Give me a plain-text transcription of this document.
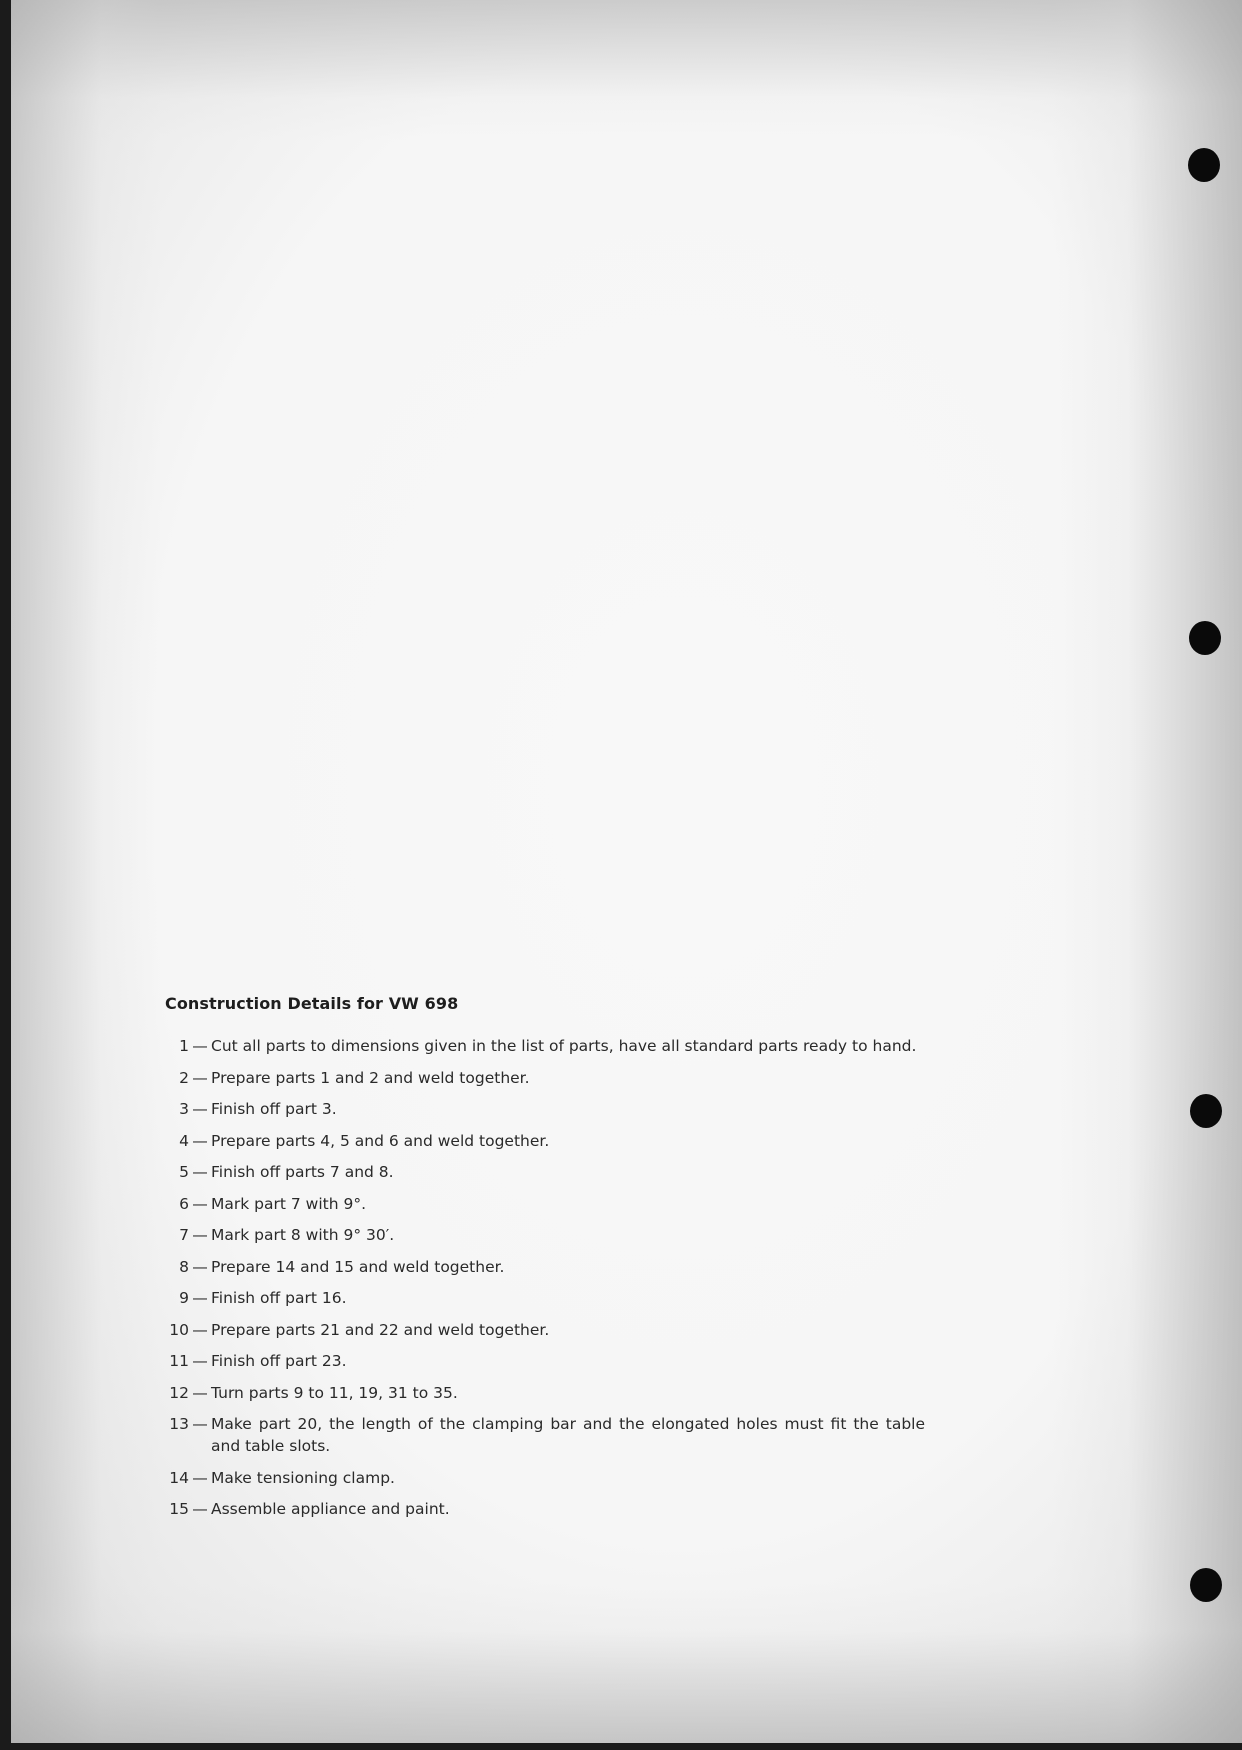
Construction Details for VW 698
1 — Cut all parts to dimensions given in the list of parts, have all standard parts ready to hand.
2 — Prepare parts 1 and 2 and weld together.
3 — Finish off part 3.
4 — Prepare parts 4, 5 and 6 and weld together.
5 — Finish off parts 7 and 8.
6 — Mark part 7 with 9°.
7 — Mark part 8 with 9° 30′.
8 — Prepare 14 and 15 and weld together.
9 — Finish off part 16.
10 — Prepare parts 21 and 22 and weld together.
11 — Finish off part 23.
12 — Turn parts 9 to 11, 19, 31 to 35.
13 — Make part 20, the length of the clamping bar and the elongated holes must fit the table and table slots.
14 — Make tensioning clamp.
15 — Assemble appliance and paint.
